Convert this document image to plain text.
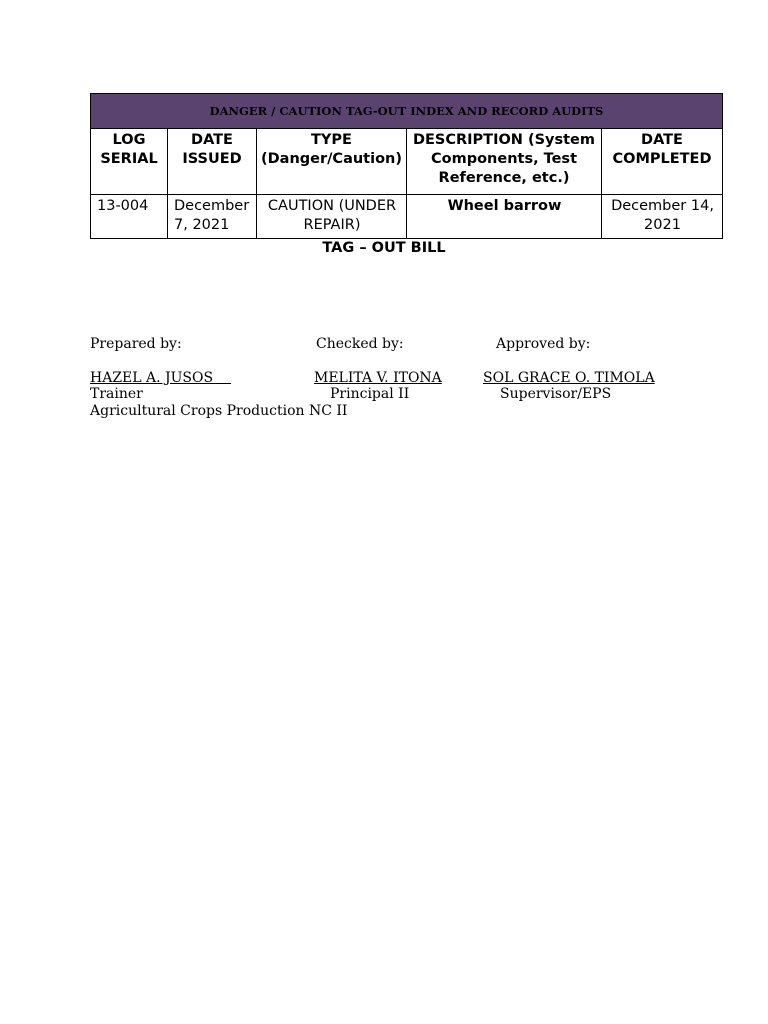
DANGER / CAUTION TAG-OUT INDEX AND RECORD AUDITS				
LOG SERIAL	DATE ISSUED	TYPE (Danger/Caution)	DESCRIPTION (System Components, Test Reference, etc.)	DATE COMPLETED
13-004	December 7, 2021	CAUTION (UNDER REPAIR)	Wheel barrow	December 14, 2021
TAG – OUT BILL
Prepared by:
HAZEL A. JUSOS
Trainer
Agricultural Crops Production NC II
Checked by:
MELITA V. ITONA
Principal II
Approved by:
SOL GRACE O. TIMOLA
Supervisor/EPS
